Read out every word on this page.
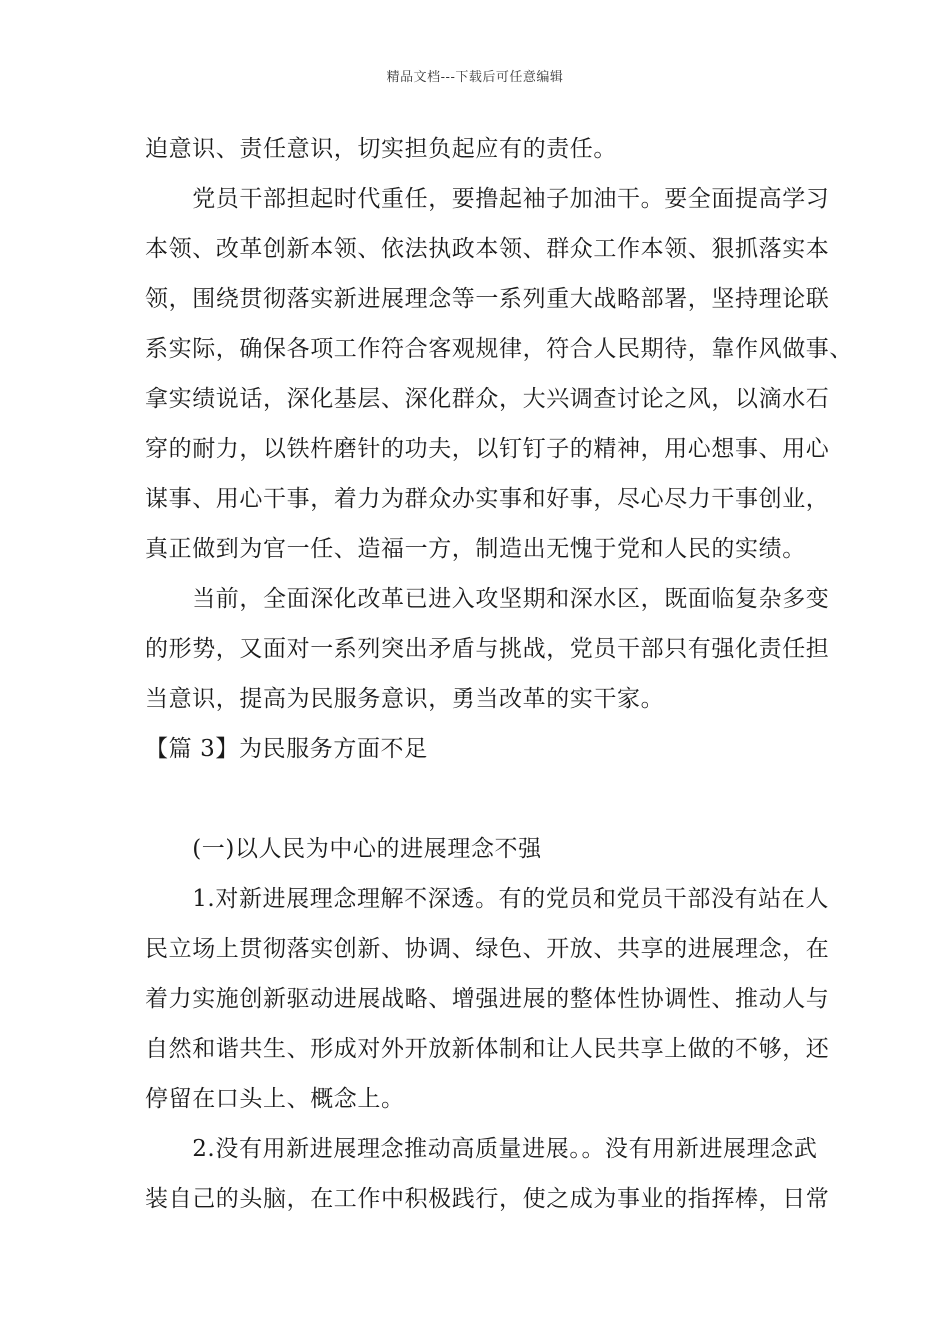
精品文档---下载后可任意编辑
迫意识、责任意识，切实担负起应有的责任。
　　党员干部担起时代重任，要撸起袖子加油干。要全面提高学习
本领、改革创新本领、依法执政本领、群众工作本领、狠抓落实本
领，围绕贯彻落实新进展理念等一系列重大战略部署，坚持理论联
系实际，确保各项工作符合客观规律，符合人民期待，靠作风做事、
拿实绩说话，深化基层、深化群众，大兴调查讨论之风，以滴水石
穿的耐力，以铁杵磨针的功夫，以钉钉子的精神，用心想事、用心
谋事、用心干事，着力为群众办实事和好事，尽心尽力干事创业，
真正做到为官一任、造福一方，制造出无愧于党和人民的实绩。
　　当前，全面深化改革已进入攻坚期和深水区，既面临复杂多变
的形势，又面对一系列突出矛盾与挑战，党员干部只有强化责任担
当意识，提高为民服务意识，勇当改革的实干家。
【篇 3】为民服务方面不足
　　(一)以人民为中心的进展理念不强
　　1.对新进展理念理解不深透。有的党员和党员干部没有站在人
民立场上贯彻落实创新、协调、绿色、开放、共享的进展理念，在
着力实施创新驱动进展战略、增强进展的整体性协调性、推动人与
自然和谐共生、形成对外开放新体制和让人民共享上做的不够，还
停留在口头上、概念上。
　　2.没有用新进展理念推动高质量进展。。没有用新进展理念武
装自己的头脑，在工作中积极践行，使之成为事业的指挥棒，日常
